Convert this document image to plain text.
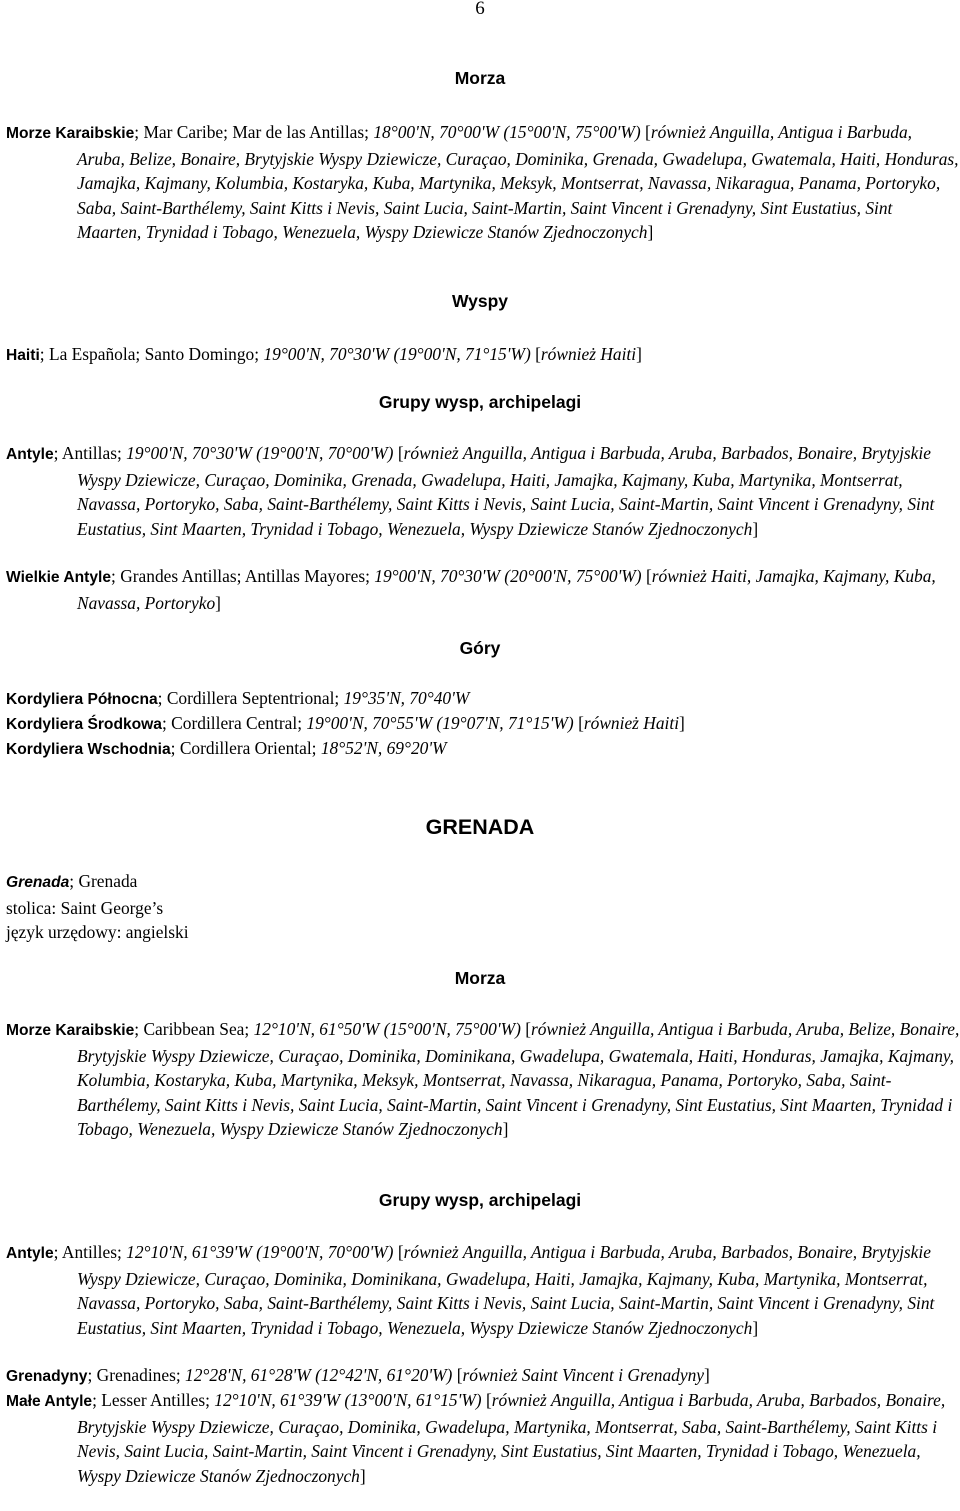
6
Morza
Morze Karaibskie; Mar Caribe; Mar de las Antillas; 18°00'N, 70°00'W (15°00'N, 75°00'W) [również Anguilla, Antigua i Barbuda, Aruba, Belize, Bonaire, Brytyjskie Wyspy Dziewicze, Curaçao, Dominika, Grenada, Gwadelupa, Gwatemala, Haiti, Honduras, Jamajka, Kajmany, Kolumbia, Kostaryka, Kuba, Martynika, Meksyk, Montserrat, Navassa, Nikaragua, Panama, Portoryko, Saba, Saint-Barthélemy, Saint Kitts i Nevis, Saint Lucia, Saint-Martin, Saint Vincent i Grenadyny, Sint Eustatius, Sint Maarten, Trynidad i Tobago, Wenezuela, Wyspy Dziewicze Stanów Zjednoczonych]
Wyspy
Haiti; La Española; Santo Domingo; 19°00'N, 70°30'W (19°00'N, 71°15'W) [również Haiti]
Grupy wysp, archipelagi
Antyle; Antillas; 19°00'N, 70°30'W (19°00'N, 70°00'W) [również Anguilla, Antigua i Barbuda, Aruba, Barbados, Bonaire, Brytyjskie Wyspy Dziewicze, Curaçao, Dominika, Grenada, Gwadelupa, Haiti, Jamajka, Kajmany, Kuba, Martynika, Montserrat, Navassa, Portoryko, Saba, Saint-Barthélemy, Saint Kitts i Nevis, Saint Lucia, Saint-Martin, Saint Vincent i Grenadyny, Sint Eustatius, Sint Maarten, Trynidad i Tobago, Wenezuela, Wyspy Dziewicze Stanów Zjednoczonych]
Wielkie Antyle; Grandes Antillas; Antillas Mayores; 19°00'N, 70°30'W (20°00'N, 75°00'W) [również Haiti, Jamajka, Kajmany, Kuba, Navassa, Portoryko]
Góry
Kordyliera Północna; Cordillera Septentrional; 19°35'N, 70°40'W
Kordyliera Środkowa; Cordillera Central; 19°00'N, 70°55'W (19°07'N, 71°15'W) [również Haiti]
Kordyliera Wschodnia; Cordillera Oriental; 18°52'N, 69°20'W
GRENADA
Grenada; Grenada
stolica: Saint George’s
język urzędowy: angielski
Morza
Morze Karaibskie; Caribbean Sea; 12°10'N, 61°50'W (15°00'N, 75°00'W) [również Anguilla, Antigua i Barbuda, Aruba, Belize, Bonaire, Brytyjskie Wyspy Dziewicze, Curaçao, Dominika, Dominikana, Gwadelupa, Gwatemala, Haiti, Honduras, Jamajka, Kajmany, Kolumbia, Kostaryka, Kuba, Martynika, Meksyk, Montserrat, Navassa, Nikaragua, Panama, Portoryko, Saba, Saint-Barthélemy, Saint Kitts i Nevis, Saint Lucia, Saint-Martin, Saint Vincent i Grenadyny, Sint Eustatius, Sint Maarten, Trynidad i Tobago, Wenezuela, Wyspy Dziewicze Stanów Zjednoczonych]
Grupy wysp, archipelagi
Antyle; Antilles; 12°10'N, 61°39'W (19°00'N, 70°00'W) [również Anguilla, Antigua i Barbuda, Aruba, Barbados, Bonaire, Brytyjskie Wyspy Dziewicze, Curaçao, Dominika, Dominikana, Gwadelupa, Haiti, Jamajka, Kajmany, Kuba, Martynika, Montserrat, Navassa, Portoryko, Saba, Saint-Barthélemy, Saint Kitts i Nevis, Saint Lucia, Saint-Martin, Saint Vincent i Grenadyny, Sint Eustatius, Sint Maarten, Trynidad i Tobago, Wenezuela, Wyspy Dziewicze Stanów Zjednoczonych]
Grenadyny; Grenadines; 12°28'N, 61°28'W (12°42'N, 61°20'W) [również Saint Vincent i Grenadyny]
Małe Antyle; Lesser Antilles; 12°10'N, 61°39'W (13°00'N, 61°15'W) [również Anguilla, Antigua i Barbuda, Aruba, Barbados, Bonaire, Brytyjskie Wyspy Dziewicze, Curaçao, Dominika, Gwadelupa, Martynika, Montserrat, Saba, Saint-Barthélemy, Saint Kitts i Nevis, Saint Lucia, Saint-Martin, Saint Vincent i Grenadyny, Sint Eustatius, Sint Maarten, Trynidad i Tobago, Wenezuela, Wyspy Dziewicze Stanów Zjednoczonych]
